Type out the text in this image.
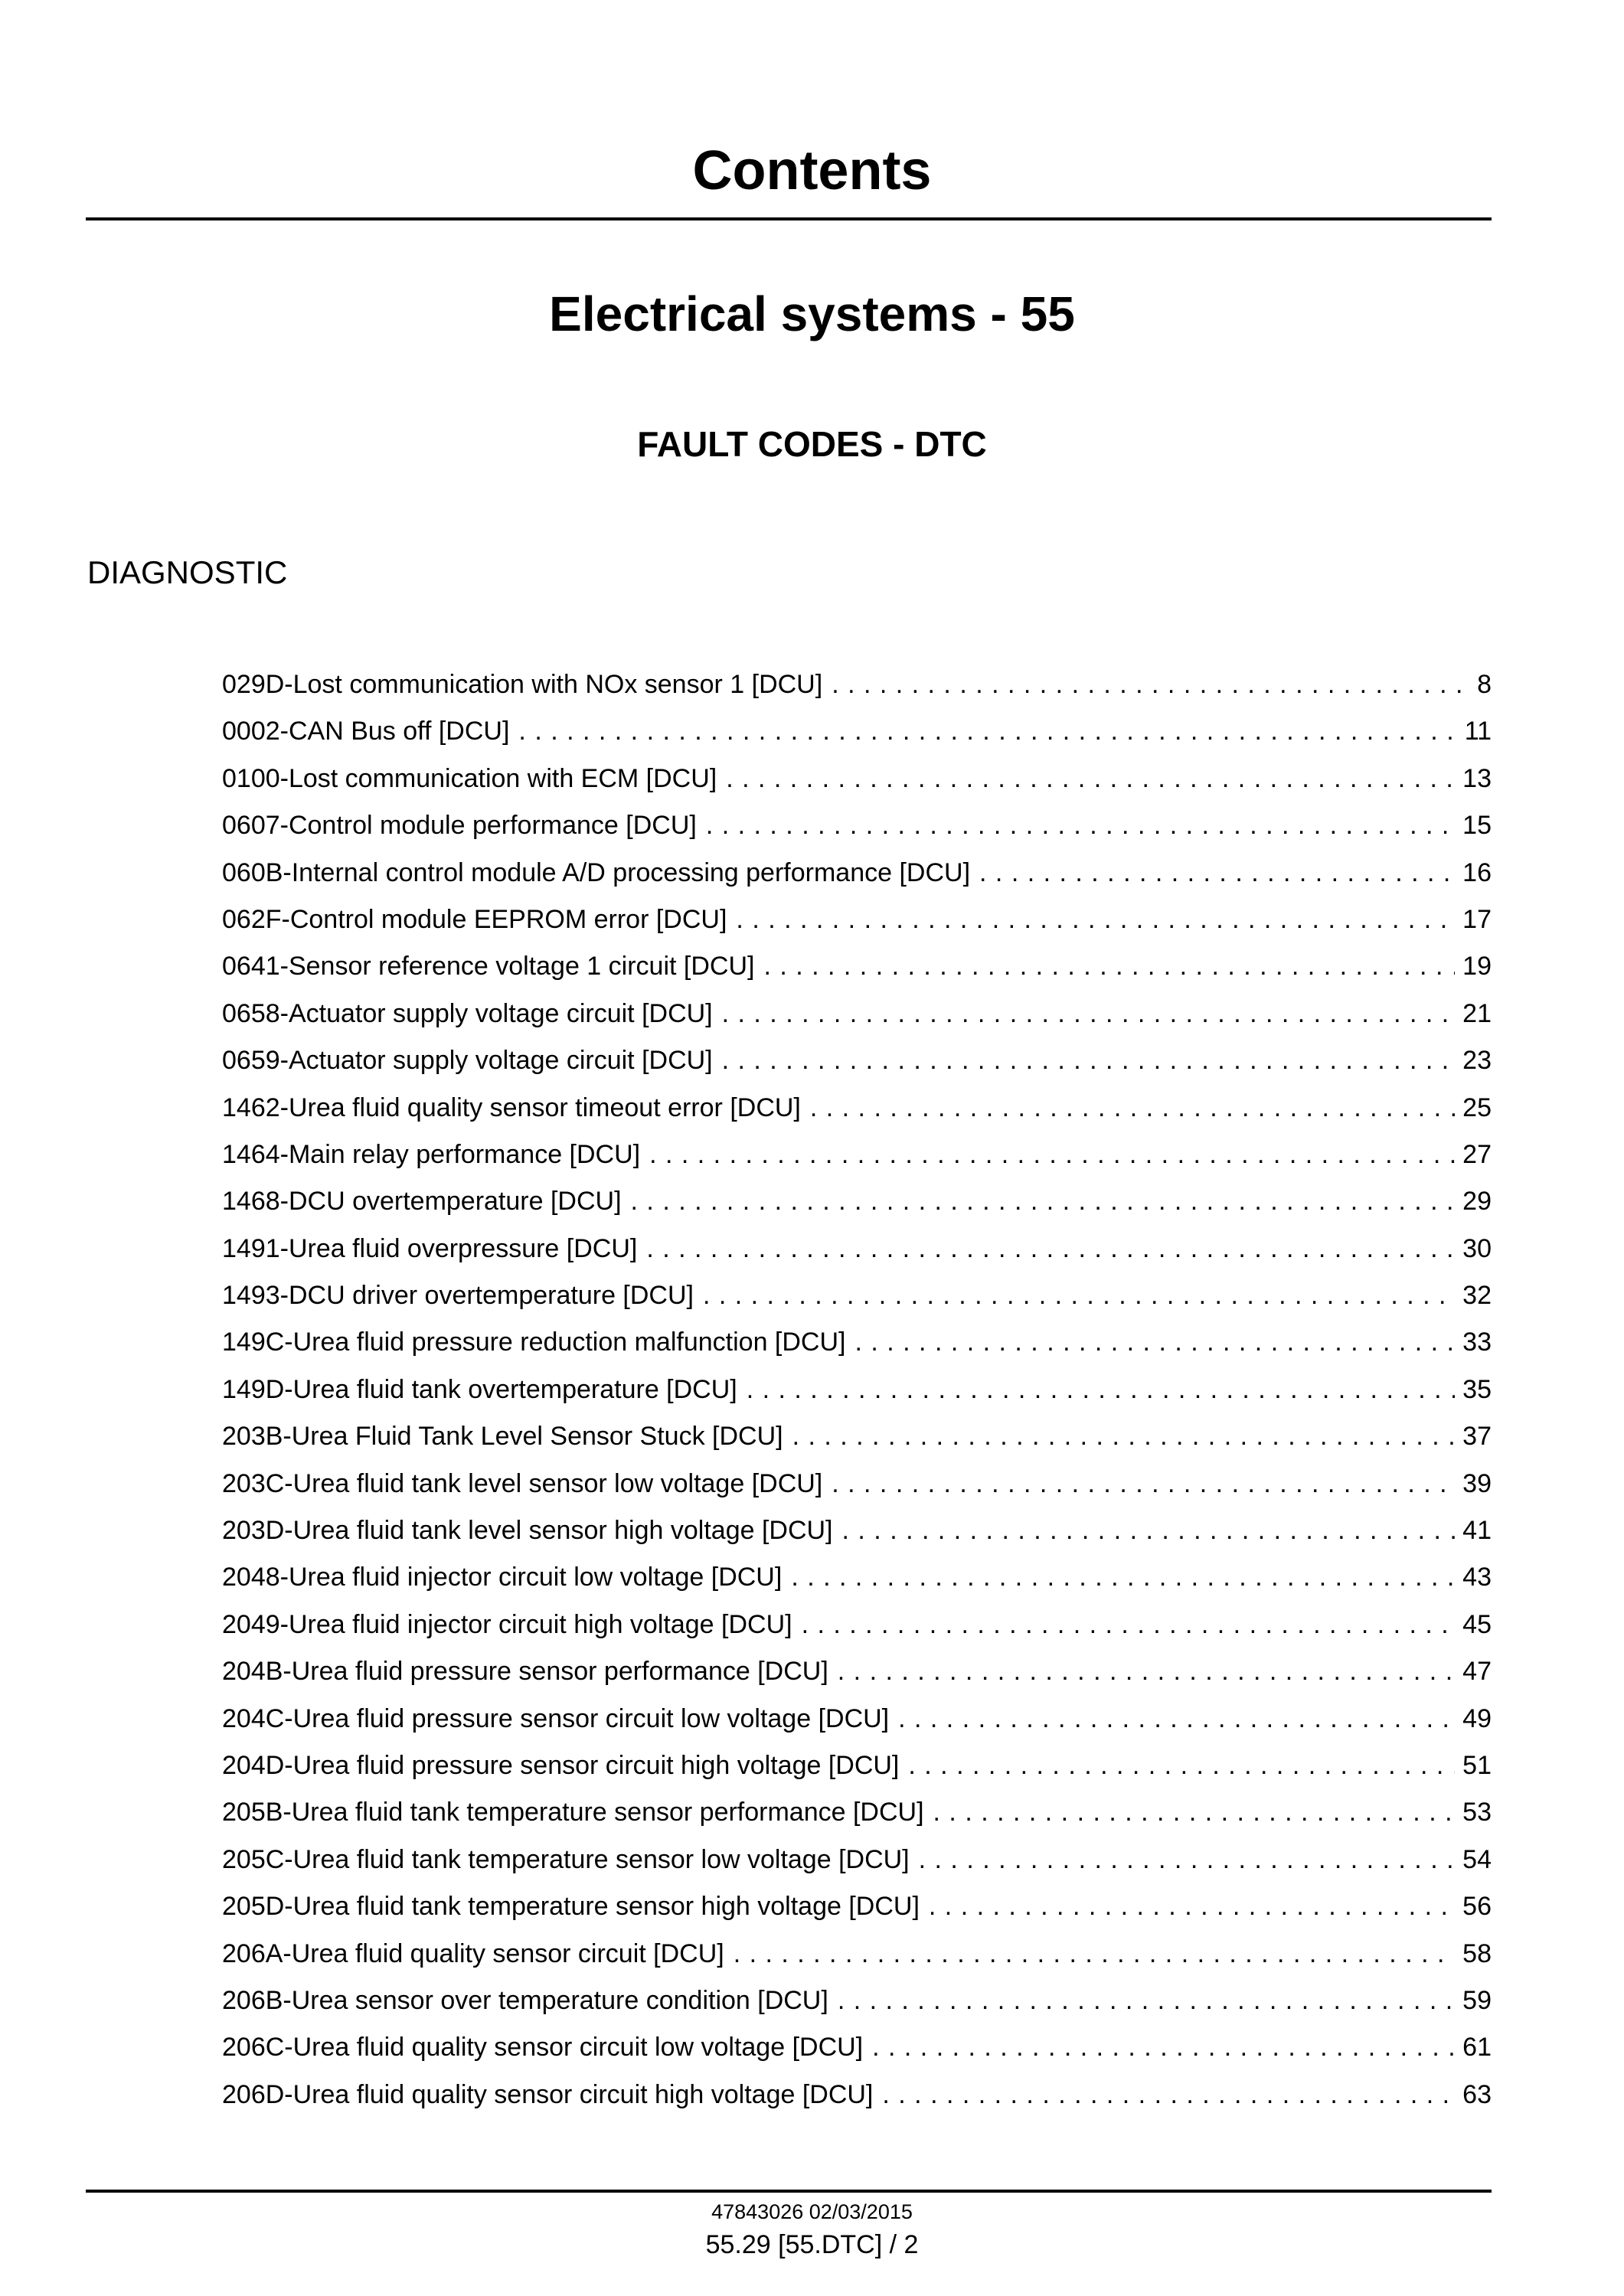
Contents
Electrical systems - 55
FAULT CODES - DTC
DIAGNOSTIC
029D-Lost communication with NOx sensor 1 [DCU] . . .	8
0002-CAN Bus off [DCU] . . .	11
0100-Lost communication with ECM [DCU] . . .	13
0607-Control module performance [DCU] . . .	15
060B-Internal control module A/D processing performance [DCU] . . .	16
062F-Control module EEPROM error [DCU] . . .	17
0641-Sensor reference voltage 1 circuit [DCU] . . .	19
0658-Actuator supply voltage circuit [DCU] . . .	21
0659-Actuator supply voltage circuit [DCU] . . .	23
1462-Urea fluid quality sensor timeout error [DCU] . . .	25
1464-Main relay performance [DCU] . . .	27
1468-DCU overtemperature [DCU] . . .	29
1491-Urea fluid overpressure [DCU] . . .	30
1493-DCU driver overtemperature [DCU] . . .	32
149C-Urea fluid pressure reduction malfunction [DCU] . . .	33
149D-Urea fluid tank overtemperature [DCU] . . .	35
203B-Urea Fluid Tank Level Sensor Stuck [DCU] . . .	37
203C-Urea fluid tank level sensor low voltage [DCU] . . .	39
203D-Urea fluid tank level sensor high voltage [DCU] . . .	41
2048-Urea fluid injector circuit low voltage [DCU] . . .	43
2049-Urea fluid injector circuit high voltage [DCU] . . .	45
204B-Urea fluid pressure sensor performance [DCU] . . .	47
204C-Urea fluid pressure sensor circuit low voltage [DCU] . . .	49
204D-Urea fluid pressure sensor circuit high voltage [DCU] . . .	51
205B-Urea fluid tank temperature sensor performance [DCU] . . .	53
205C-Urea fluid tank temperature sensor low voltage [DCU] . . .	54
205D-Urea fluid tank temperature sensor high voltage [DCU] . . .	56
206A-Urea fluid quality sensor circuit [DCU] . . .	58
206B-Urea sensor over temperature condition [DCU] . . .	59
206C-Urea fluid quality sensor circuit low voltage [DCU] . . .	61
206D-Urea fluid quality sensor circuit high voltage [DCU] . . .	63
47843026 02/03/2015
55.29 [55.DTC] / 2
